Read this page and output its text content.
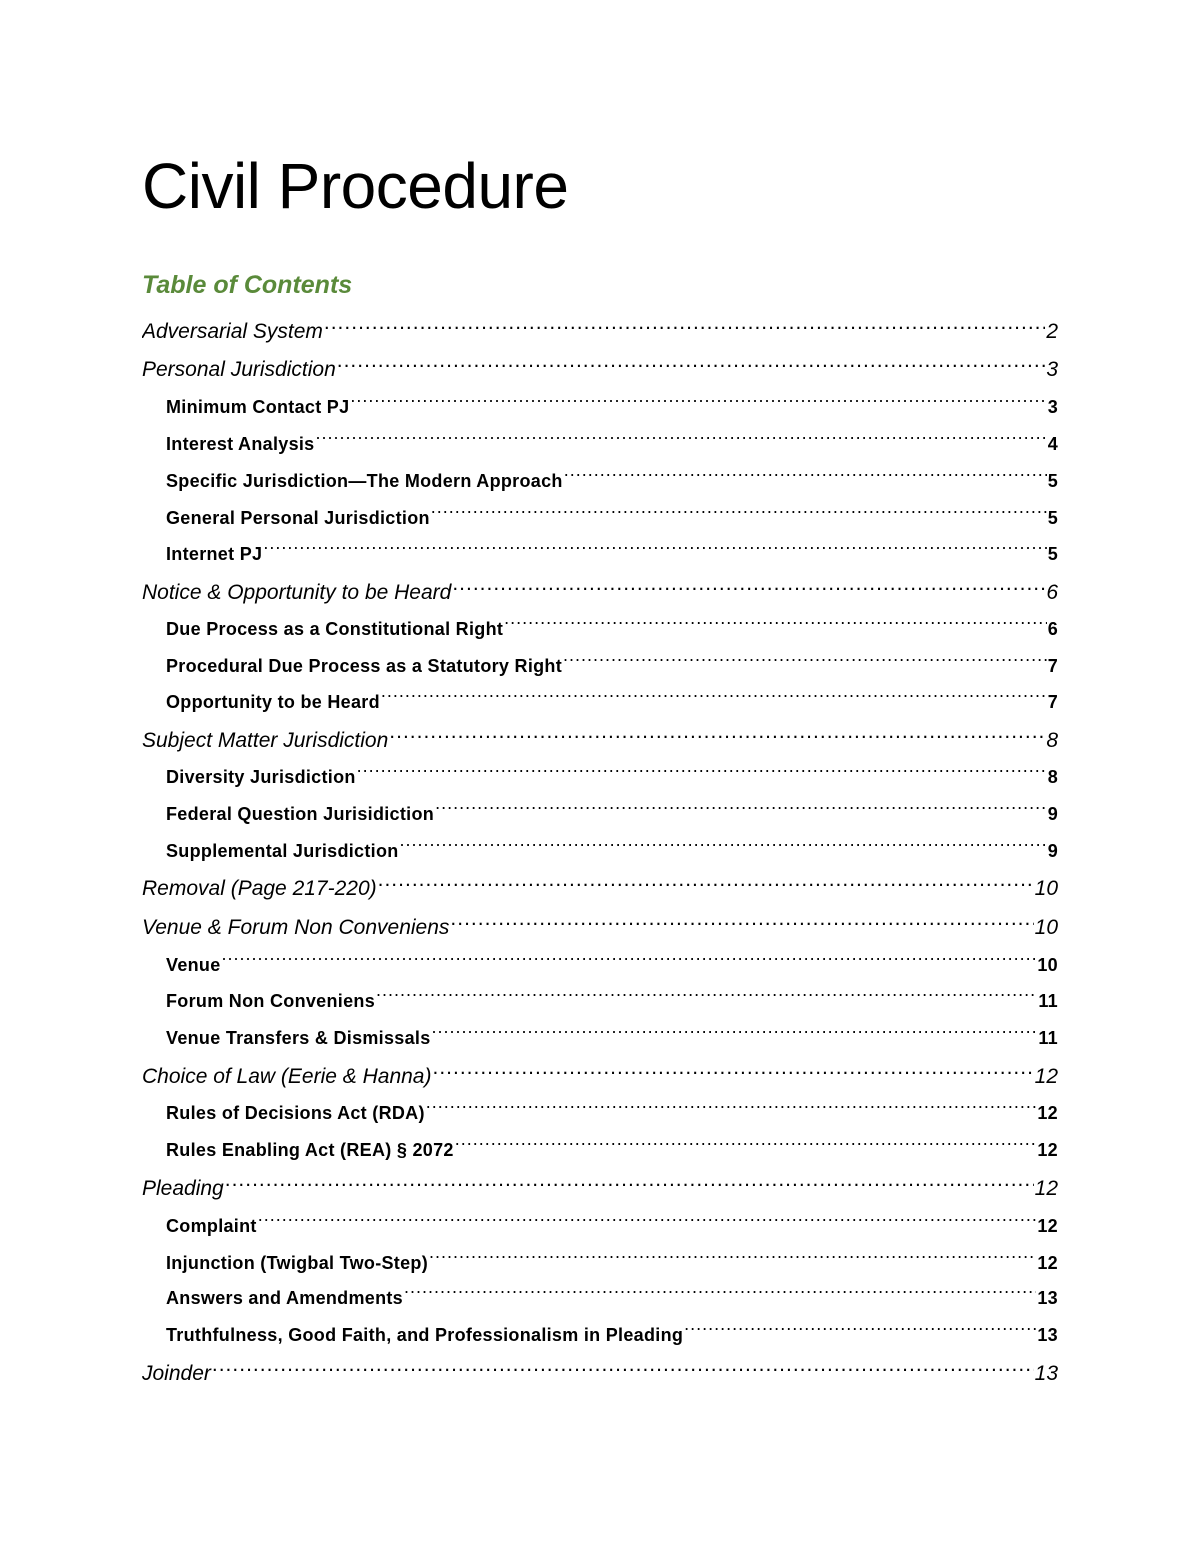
Civil Procedure
Table of Contents
Adversarial System .....	2
Personal Jurisdiction .....	3
Minimum Contact PJ .....	3
Interest Analysis .....	4
Specific Jurisdiction—The Modern Approach .....	5
General Personal Jurisdiction .....	5
Internet PJ .....	5
Notice & Opportunity to be Heard .....	6
Due Process as a Constitutional Right .....	6
Procedural Due Process as a Statutory Right .....	7
Opportunity to be Heard .....	7
Subject Matter Jurisdiction .....	8
Diversity Jurisdiction .....	8
Federal Question Jurisidiction .....	9
Supplemental Jurisdiction .....	9
Removal (Page 217-220) .....	10
Venue & Forum Non Conveniens .....	10
Venue .....	10
Forum Non Conveniens .....	11
Venue Transfers & Dismissals .....	11
Choice of Law (Eerie & Hanna) .....	12
Rules of Decisions Act (RDA) .....	12
Rules Enabling Act (REA) § 2072 .....	12
Pleading .....	12
Complaint .....	12
Injunction (Twigbal Two-Step) .....	12
Answers and Amendments .....	13
Truthfulness, Good Faith, and Professionalism in Pleading .....	13
Joinder .....	13
